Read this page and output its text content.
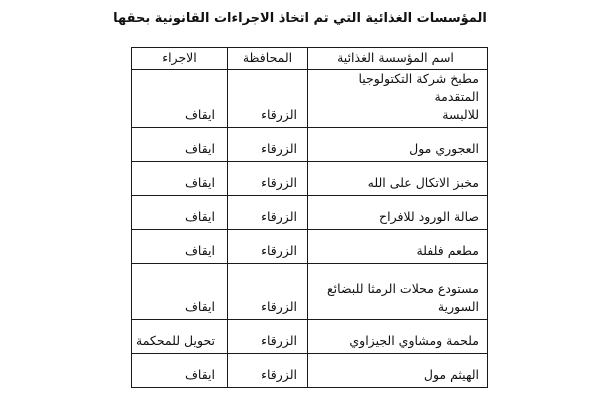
المؤسسات الغذائية التي تم اتخاذ الاجراءات القانونية بحقها
اسم المؤسسة الغذائية	المحافظة	الاجراء

مطبخ شركة التكتولوجيا المتقدمة
للالبسة	الزرقاء	ايقاف
العجوري مول	الزرقاء	ايقاف
مخبز الاتكال على الله	الزرقاء	ايقاف
صالة الورود للافراح	الزرقاء	ايقاف
مطعم فلفلة	الزرقاء	ايقاف

مستودع محلات الرمثا للبضائع
السورية	الزرقاء	ايقاف
ملحمة ومشاوي الجيزاوي	الزرقاء	تحويل للمحكمة
الهيثم مول	الزرقاء	ايقاف
